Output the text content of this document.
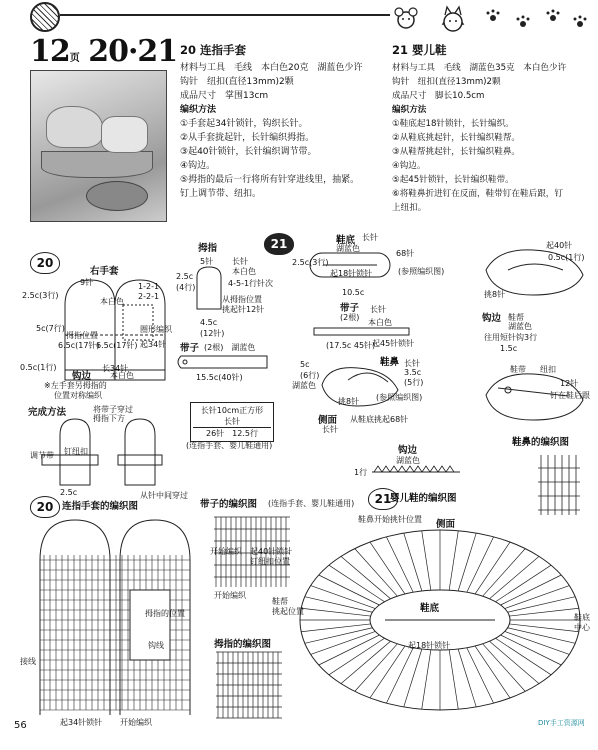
12页 20·21 20 连指手套
材料与工具　毛线　本白色20克　湖蓝色少许
钩针　纽扣(直径13mm)2颗
成品尺寸　掌围13cm
编织方法
①手套起34针锁针，钩织长针。
②从手套拢起针，长针编织拇指。
③起40针锁针，长针编织调节带。
④钩边。
⑤拇指的最后一行将所有针穿进线里，抽紧。
钉上调节带、纽扣。
21 婴儿鞋
材料与工具　毛线　湖蓝色35克　本白色少许
钩针　纽扣(直径13mm)2颗
成品尺寸　脚长10.5cm
编织方法
①鞋底起18针锁针，长针编织。
②从鞋底挑起针，长针编织鞋帮。
③从鞋帮挑起针，长针编织鞋鼻。
④钩边。
⑤起45针锁针，长针编织鞋带。
⑥将鞋鼻折进钉在反面，鞋带钉在鞋后跟，钉
上纽扣。
20
21
20
21
右手套
2.5c(3行)
5c(7行)
0.5c(1行)
6.5c(17针)
6.5c(17针) 起34针
长34针
1-2-1
2-2-1
圈形编织
本白色
拇指位置
9针
钩边 本白色
※左手套另拇指的
位置对称编织
拇指
5针 长针
本白色
4-5-1行针次
从拇指位置
挑起针12针
2.5c
(4行)
4.5c
(12针)
带子 (2根)　湖蓝色
15.5c(40针)
长针10cm正方形
长针
26针　12.5行
(连指手套、婴儿鞋通用)
完成方法	将带子穿过
拇指下方
调节带 钉纽扣
从针中间穿过
2.5c
鞋底 长针
湖蓝色
68针
2.5c(3行)
起18针锁针	(参照编织图)
10.5c
带子
(2根)
长针
本白色
(17.5c 45针)
起45针锁针
鞋鼻 长针
3.5c
(5行)
(参照编织图)
湖蓝色
5c
(6行)
挑8针
从鞋底挑起68针
侧面
长针
起40针
0.5c(1行)
挑8针
钩边 鞋帮
湖蓝色
往用短针钩3行
1.5c
鞋带 纽扣
12针
钉在鞋后跟
钩边
湖蓝色
1行
鞋鼻的编织图
连指手套的编织图
拇指的位置
钩线
接线
起34针锁针 开始编织
带子的编织图 (连指手套、婴儿鞋通用)
开始编织 起40针锁针
钉纽扣位置
开始编织
拇指的编织图
婴儿鞋的编织图
鞋鼻开始挑针位置 侧面
鞋底
起18针锁针
鞋帮
挑起位置
鞋底
中心
56	DIY手工资源网
